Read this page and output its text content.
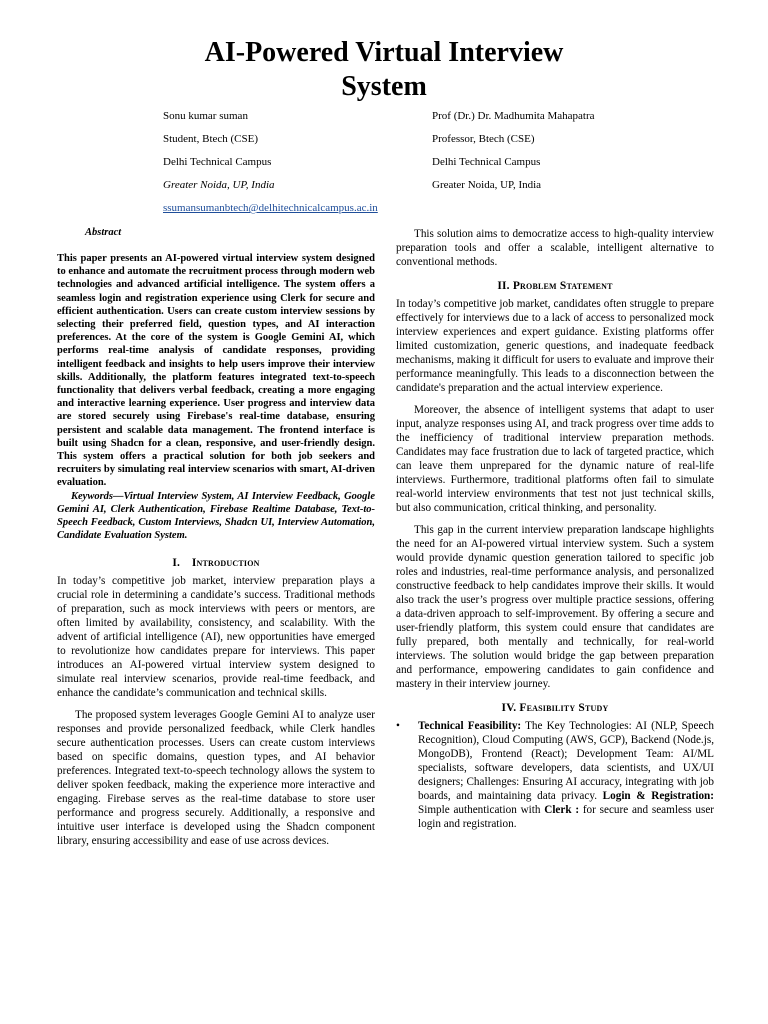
AI-Powered Virtual Interview
System
Sonu kumar suman
Student, Btech (CSE)
Delhi Technical Campus
Greater Noida, UP, India
ssumansumanbtech@delhitechnicalcampus.ac.in
Prof (Dr.) Dr. Madhumita Mahapatra
Professor, Btech (CSE)
Delhi Technical Campus
Greater Noida, UP, India
Abstract

This paper presents an AI-powered virtual interview system designed to enhance and automate the recruitment process through modern web technologies and advanced artificial intelligence. The system offers a seamless login and registration experience using Clerk for secure and efficient authentication. Users can create custom interview sessions by selecting their preferred field, question types, and AI interaction preferences. At the core of the system is Google Gemini AI, which performs real-time analysis of candidate responses, providing intelligent feedback and insights to help users improve their interview skills. Additionally, the platform features integrated text-to-speech functionality that delivers verbal feedback, creating a more engaging and interactive learning experience. User progress and interview data are stored securely using Firebase's real-time database, ensuring persistent and scalable data management. The frontend interface is built using Shadcn for a clean, responsive, and user-friendly design. This system offers a practical solution for both job seekers and recruiters by simulating real interview scenarios with smart, AI-driven evaluation.

Keywords—Virtual Interview System, AI Interview Feedback, Google Gemini AI, Clerk Authentication, Firebase Realtime Database, Text-to-Speech Feedback, Custom Interviews, Shadcn UI, Interview Automation, Candidate Evaluation System.

I. Introduction

In today’s competitive job market, interview preparation plays a crucial role in determining a candidate’s success. Traditional methods of preparation, such as mock interviews with peers or mentors, are often limited by availability, consistency, and scalability. With the advent of artificial intelligence (AI), new opportunities have emerged to revolutionize how candidates prepare for interviews. This paper introduces an AI-powered virtual interview system designed to simulate real interview scenarios, provide real-time feedback, and enhance the candidate’s communication and technical skills.

The proposed system leverages Google Gemini AI to analyze user responses and provide personalized feedback, while Clerk handles secure authentication processes. Users can create custom interviews based on specific domains, question types, and AI behavior preferences. Integrated text-to-speech technology allows the system to deliver spoken feedback, making the experience more interactive and engaging. Firebase serves as the real-time database to store user performance and progress securely. Additionally, a responsive and intuitive user interface is developed using the Shadcn component library, ensuring accessibility and ease of use across devices.

This solution aims to democratize access to high-quality interview preparation tools and offer a scalable, intelligent alternative to conventional methods.

II. Problem Statement

In today’s competitive job market, candidates often struggle to prepare effectively for interviews due to a lack of access to personalized mock interview experiences and expert guidance. Existing platforms offer limited customization, generic questions, and inadequate feedback mechanisms, making it difficult for users to evaluate and improve their performance meaningfully. This leads to a disconnection between the candidate's preparation and the actual interview experience.

Moreover, the absence of intelligent systems that adapt to user input, analyze responses using AI, and track progress over time adds to the inefficiency of traditional interview preparation methods. Candidates may face frustration due to lack of targeted practice, which can leave them unprepared for the dynamic nature of real-life interviews. Furthermore, traditional platforms often fail to simulate real-world interview environments that test not just technical skills, but also communication, critical thinking, and personality.

This gap in the current interview preparation landscape highlights the need for an AI-powered virtual interview system. Such a system would provide dynamic question generation tailored to specific job roles and industries, real-time performance analysis, and personalized constructive feedback to help candidates improve their skills. It would also track the user’s progress over multiple practice sessions, offering a data-driven approach to self-improvement. By offering a secure and user-friendly platform, this system could ensure that candidates are fully prepared, both mentally and technically, for real-world interviews. The solution would bridge the gap between preparation and performance, empowering candidates to gain confidence and mastery in their interview journey.

IV. Feasibility Study
• Technical Feasibility: The Key Technologies: AI (NLP, Speech Recognition), Cloud Computing (AWS, GCP), Backend (Node.js, MongoDB), Frontend (React); Development Team: AI/ML specialists, software developers, data scientists, and UX/UI designers; Challenges: Ensuring AI accuracy, integrating with job boards, and maintaining data privacy. Login & Registration: Simple authentication with Clerk : for secure and seamless user login and registration.
